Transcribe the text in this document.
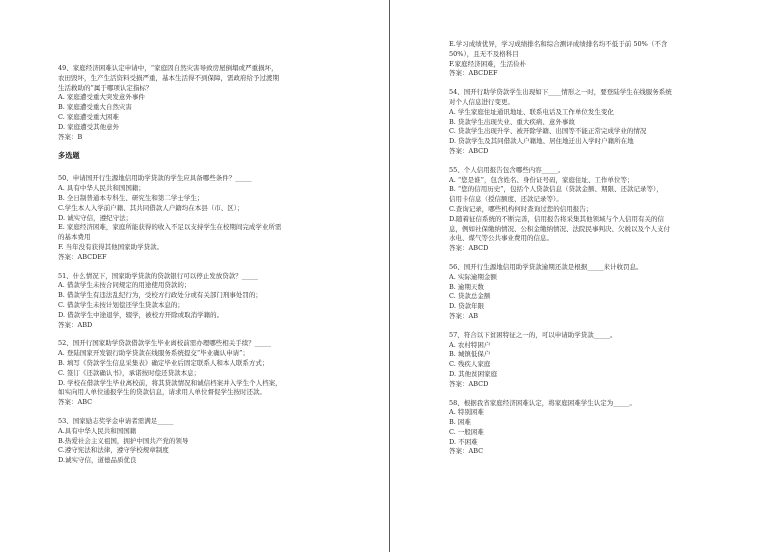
49、家庭经济困难认定申请中，“家庭因自然灾害导致房屋倒塌或严重损坏，
农田毁坏，生产生活资料受损严重，基本生活得不到保障，需政府给予过渡期
生活救助的”属于哪项认定指标？
A. 家庭遭受重大突发意外事件
B. 家庭遭受重大自然灾害
C. 家庭遭受重大困难
D. 家庭遭受其他意外
答案：B
多选题
50、申请国开行生源地信用助学贷款的学生应具备哪些条件？_____
A. 具有中华人民共和国国籍；
B. 全日制普通本专科生、研究生和第二学士学生；
C.学生本人入学前户籍、其共同借款人户籍均在本县（市、区）；
D. 诚实守信，遵纪守法；
E. 家庭经济困难，家庭所能获得的收入不足以支持学生在校期间完成学业所需
的基本费用
F. 当年没有获得其他国家助学贷款。
答案：ABCDEF
51、什么情况下，国家助学贷款的贷款银行可以停止发放贷款？_____
A. 借款学生未按合同规定的用途使用贷款的；
B. 借款学生有违法乱纪行为，受校方行政处分或有关部门刑事处罚的；
C. 借款学生未按计划偿还学生贷款本息的；
D. 借款学生中途退学，辍学，被校方开除或取消学籍的。
答案：ABD
52、国开行国家助学贷款借款学生毕业离校前需办理哪些相关手续？_____
A. 登陆国家开发银行助学贷款在线服务系统提交“毕业确认申请”；
B. 填写《贷款学生信息采集表》确定毕业后固定联系人和本人联系方式；
C. 签订《还款确认书》，承诺按时偿还贷款本息；
D. 学校在借款学生毕业离校前，将其贷款情况和诚信档案并入学生个人档案，
如实向用人单位通报学生的贷款信息，请求用人单位督促学生按时还款。
答案：ABC
53、国家励志奖学金申请者需满足_____
A.具有中华人民共和国国籍
B.热爱社会主义祖国，拥护中国共产党的领导
C.遵守宪法和法律，遵守学校规章制度
D.诚实守信，道德品质优良
E.学习成绩优异，学习成绩排名和综合测评成绩排名均不低于前 50%（不含
50%），且无不及格科目
F.家庭经济困难，生活俭朴
答案：ABCDEF
54、国开行助学贷款学生出现如下____情形之一时，要登陆学生在线服务系统
对个人信息进行变更。
A. 学生家庭住址通讯地址、联系电话及工作单位发生变化
B. 贷款学生出现失业、重大疾病、意外事故
C. 贷款学生出现升学、被开除学籍、出国等不能正常完成学业的情况
D. 贷款学生及其同借款人户籍地、居住地迁出入学时户籍所在地
答案：ABCD
55、个人信用报告包含哪些内容_____。
A. “您是谁”，包含姓名、身份证号码，家庭住址、工作单位等；
B. “您的信用历史”，包括个人贷款信息（贷款金额、期限、还款记录等），
信用卡信息（授信额度、还款记录等）。
C.查询记录，哪些机构何时查询过您的信用报告；
D.随着征信系统的不断完善，信用报告将采集其他领域与个人信用有关的信
息，例如社保缴纳情况、公积金缴纳情况、法院民事判决、欠税以及个人支付
水电、煤气等公共事业费用的信息。
答案：ABCD
56、国开行生源地信用助学贷款逾期还款是根据_____来计收罚息。
A. 实际逾期金额
B. 逾期天数
C. 贷款总金额
D. 贷款年限
答案：AB
57、符合以下贫困特征之一的，可以申请助学贷款_____。
A. 农村特困户
B. 城镇低保户
C. 残疾人家庭
D. 其他贫困家庭
答案：ABCD
58、根据我省家庭经济困难认定，将家庭困难学生认定为_____。
A. 特别困难
B. 困难
C. 一般困难
D. 不困难
答案：ABC
